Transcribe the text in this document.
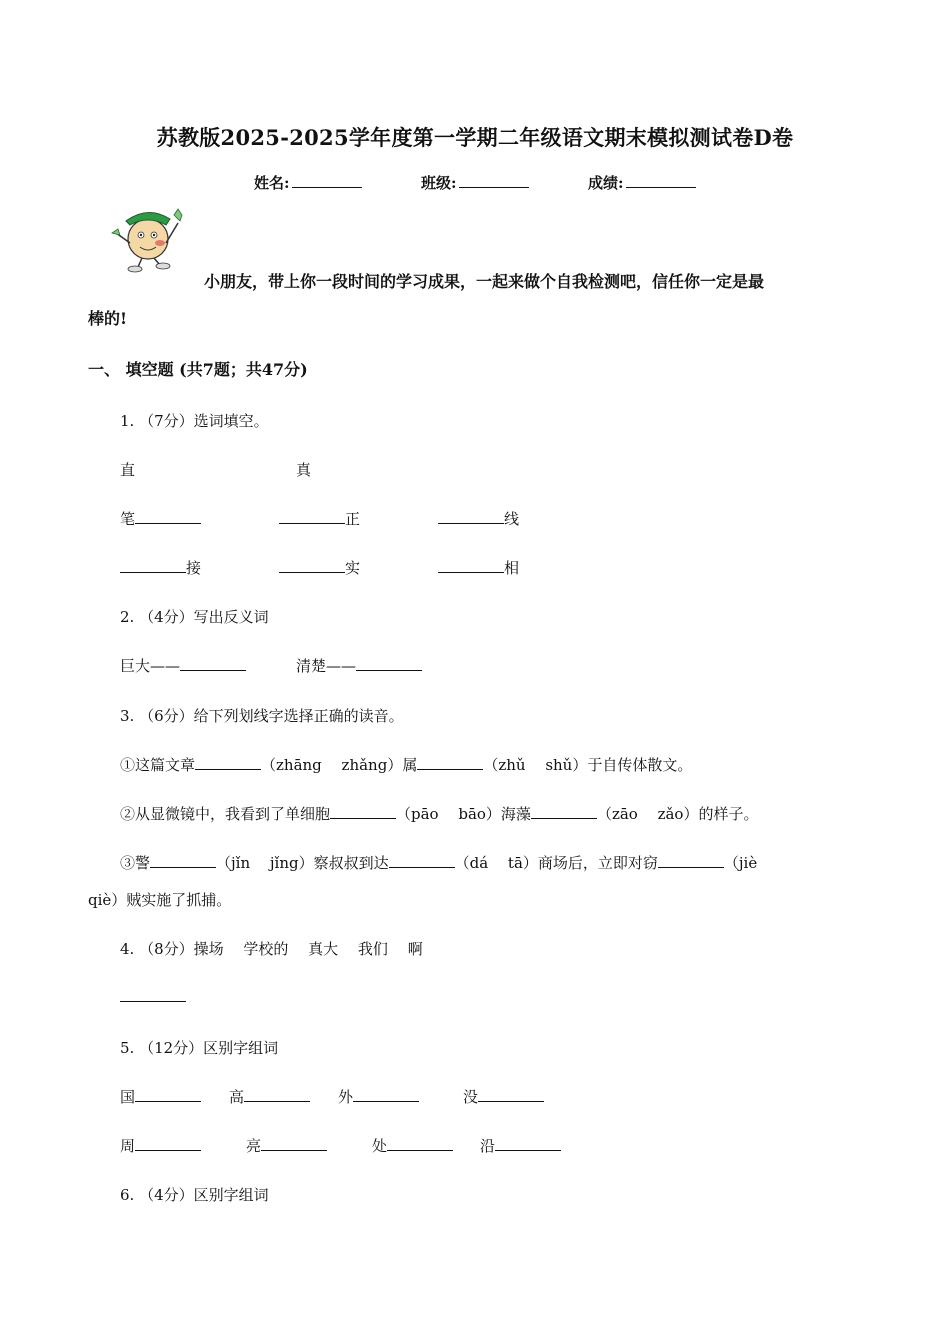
苏教版2025-2025学年度第一学期二年级语文期末模拟测试卷D卷
姓名:	班级:	成绩:
小朋友，带上你一段时间的学习成果，一起来做个自我检测吧，信任你一定是最
棒的!
一、 填空题 (共7题；共47分)
1. （7分）选词填空。
直	真
笔	正	线
接	实	相
2. （4分）写出反义词
巨大——	清楚——
3. （6分）给下列划线字选择正确的读音。
①这篇文章	（zhāng　 zhǎng）属	（zhǔ　 shǔ）于自传体散文。
②从显微镜中，我看到了单细胞	（pāo　 bāo）海藻	（zāo　 zǎo）的样子。
③警	（jǐn　 jǐng）察叔叔到达	（dá　 tā）商场后，立即对窃	（jiè
qiè）贼实施了抓捕。
4. （8分）操场　 学校的　 真大　 我们　 啊
5. （12分）区别字组词
国	高	外	没
周	亮	处	沿
6. （4分）区别字组词
